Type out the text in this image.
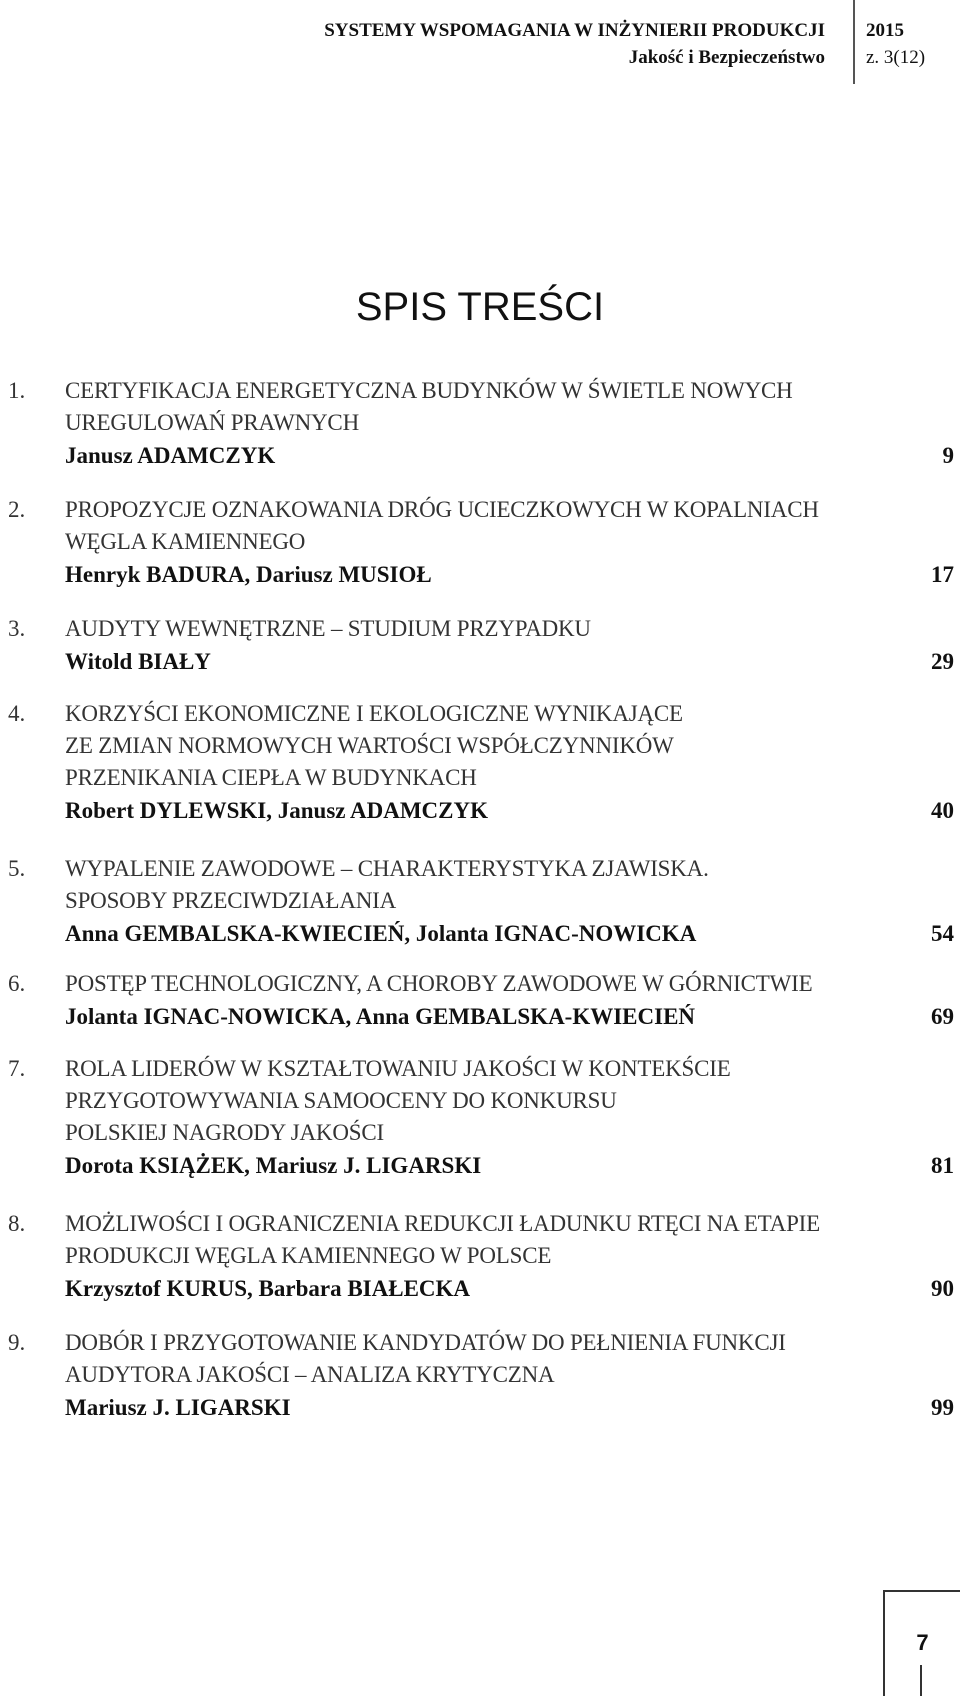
SYSTEMY WSPOMAGANIA W INŻYNIERII PRODUKCJI
Jakość i Bezpieczeństwo
2015
z. 3(12)
SPIS TREŚCI
1. CERTYFIKACJA ENERGETYCZNA BUDYNKÓW W ŚWIETLE NOWYCH
UREGULOWAŃ PRAWNYCH
Janusz ADAMCZYK	9
2. PROPOZYCJE OZNAKOWANIA DRÓG UCIECZKOWYCH W KOPALNIACH
WĘGLA KAMIENNEGO
Henryk BADURA, Dariusz MUSIOŁ	17
3. AUDYTY WEWNĘTRZNE – STUDIUM PRZYPADKU
Witold BIAŁY	29
4. KORZYŚCI EKONOMICZNE I EKOLOGICZNE WYNIKAJĄCE
ZE ZMIAN NORMOWYCH WARTOŚCI WSPÓŁCZYNNIKÓW
PRZENIKANIA CIEPŁA W BUDYNKACH
Robert DYLEWSKI, Janusz ADAMCZYK	40
5. WYPALENIE ZAWODOWE – CHARAKTERYSTYKA ZJAWISKA.
SPOSOBY PRZECIWDZIAŁANIA
Anna GEMBALSKA-KWIECIEŃ, Jolanta IGNAC-NOWICKA	54
6. POSTĘP TECHNOLOGICZNY, A CHOROBY ZAWODOWE W GÓRNICTWIE
Jolanta IGNAC-NOWICKA, Anna GEMBALSKA-KWIECIEŃ	69
7. ROLA LIDERÓW W KSZTAŁTOWANIU JAKOŚCI W KONTEKŚCIE
PRZYGOTOWYWANIA SAMOOCENY DO KONKURSU
POLSKIEJ NAGRODY JAKOŚCI
Dorota KSIĄŻEK, Mariusz J. LIGARSKI	81
8. MOŻLIWOŚCI I OGRANICZENIA REDUKCJI ŁADUNKU RTĘCI NA ETAPIE
PRODUKCJI WĘGLA KAMIENNEGO W POLSCE
Krzysztof KURUS, Barbara BIAŁECKA	90
9. DOBÓR I PRZYGOTOWANIE KANDYDATÓW DO PEŁNIENIA FUNKCJI
AUDYTORA JAKOŚCI – ANALIZA KRYTYCZNA
Mariusz J. LIGARSKI	99
7
